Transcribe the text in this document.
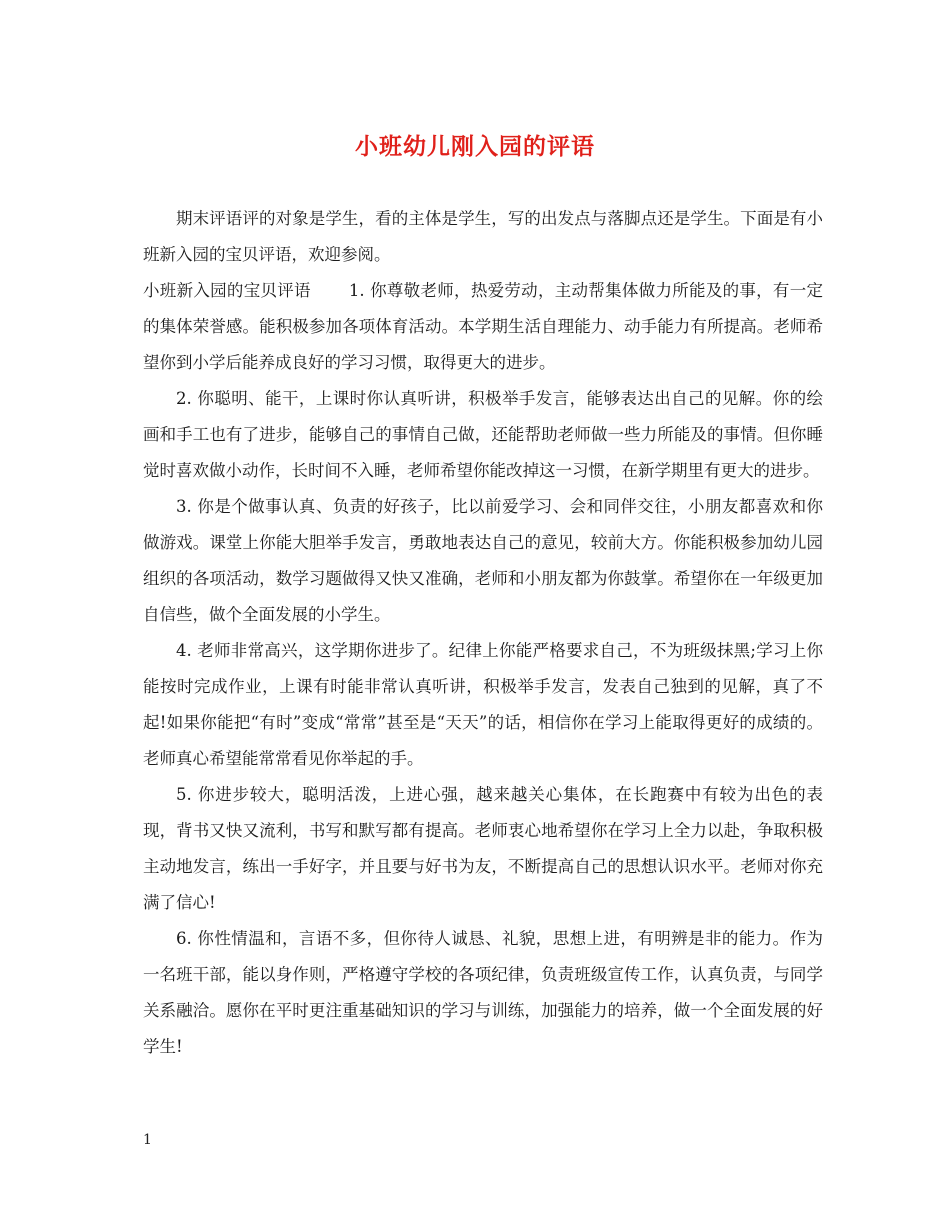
小班幼儿刚入园的评语

期末评语评的对象是学生，看的主体是学生，写的出发点与落脚点还是学生。下面是有小班新入园的宝贝评语，欢迎参阅。

小班新入园的宝贝评语 1. 你尊敬老师，热爱劳动，主动帮集体做力所能及的事，有一定的集体荣誉感。能积极参加各项体育活动。本学期生活自理能力、动手能力有所提高。老师希望你到小学后能养成良好的学习习惯，取得更大的进步。

2. 你聪明、能干，上课时你认真听讲，积极举手发言，能够表达出自己的见解。你的绘画和手工也有了进步，能够自己的事情自己做，还能帮助老师做一些力所能及的事情。但你睡觉时喜欢做小动作，长时间不入睡，老师希望你能改掉这一习惯，在新学期里有更大的进步。

3. 你是个做事认真、负责的好孩子，比以前爱学习、会和同伴交往，小朋友都喜欢和你做游戏。课堂上你能大胆举手发言，勇敢地表达自己的意见，较前大方。你能积极参加幼儿园组织的各项活动，数学习题做得又快又准确，老师和小朋友都为你鼓掌。希望你在一年级更加自信些，做个全面发展的小学生。

4. 老师非常高兴，这学期你进步了。纪律上你能严格要求自己，不为班级抹黑;学习上你能按时完成作业，上课有时能非常认真听讲，积极举手发言，发表自己独到的见解，真了不起!如果你能把“有时”变成“常常”甚至是“天天”的话，相信你在学习上能取得更好的成绩的。老师真心希望能常常看见你举起的手。

5. 你进步较大，聪明活泼，上进心强，越来越关心集体，在长跑赛中有较为出色的表现，背书又快又流利，书写和默写都有提高。老师衷心地希望你在学习上全力以赴，争取积极主动地发言，练出一手好字，并且要与好书为友，不断提高自己的思想认识水平。老师对你充满了信心!

6. 你性情温和，言语不多，但你待人诚恳、礼貌，思想上进，有明辨是非的能力。作为一名班干部，能以身作则，严格遵守学校的各项纪律，负责班级宣传工作，认真负责，与同学关系融洽。愿你在平时更注重基础知识的学习与训练，加强能力的培养，做一个全面发展的好学生!

1
